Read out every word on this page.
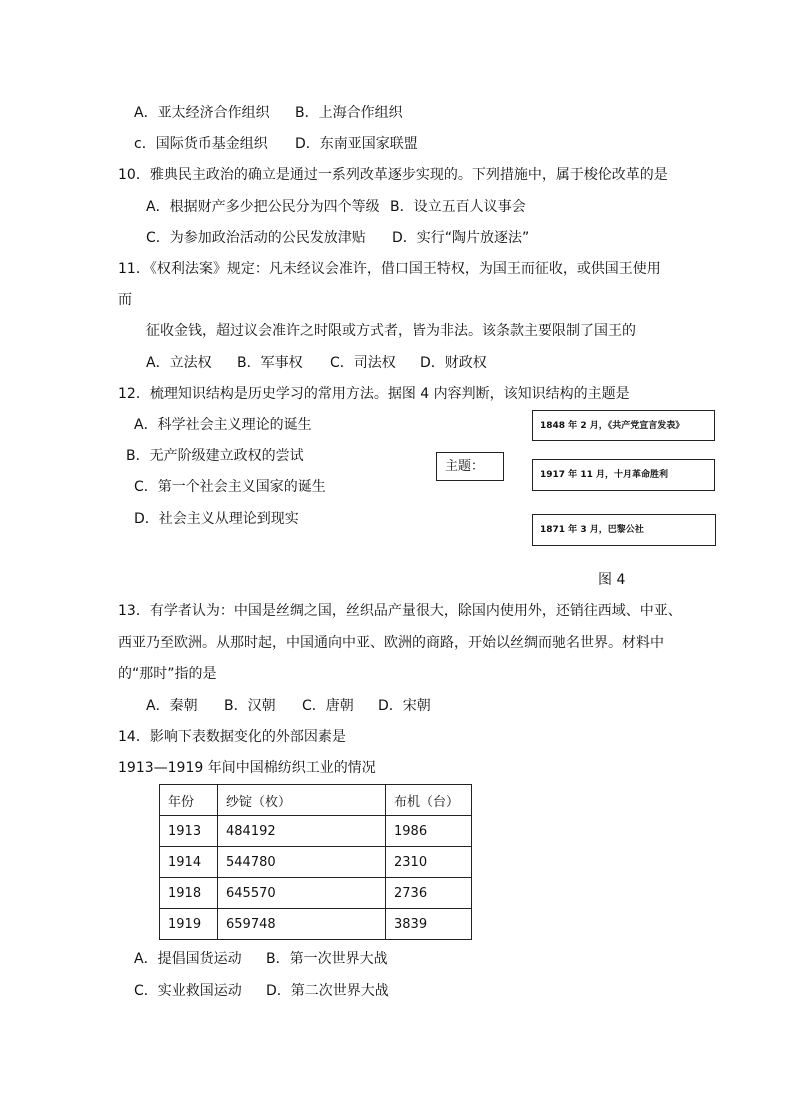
A．亚太经济合作组织 B．上海合作组织
c．国际货币基金组织 D．东南亚国家联盟
10．雅典民主政治的确立是通过一系列改革逐步实现的。下列措施中，属于梭伦改革的是
A．根据财产多少把公民分为四个等级 B．设立五百人议事会
C．为参加政治活动的公民发放津贴 D．实行“陶片放逐法”
11．《权利法案》规定：凡未经议会准许，借口国王特权，为国王而征收，或供国王使用
而
征收金钱，超过议会准许之时限或方式者，皆为非法。该条款主要限制了国王的
A．立法权 B．军事权 C．司法权 D．财政权
12．梳理知识结构是历史学习的常用方法。据图 4 内容判断，该知识结构的主题是
A．科学社会主义理论的诞生
B．无产阶级建立政权的尝试
C．第一个社会主义国家的诞生
D．社会主义从理论到现实
主题：
1848 年 2 月，《共产党宣言发表》
1917 年 11 月，十月革命胜利
1871 年 3 月，巴黎公社
图 4
13．有学者认为：中国是丝绸之国，丝织品产量很大，除国内使用外，还销往西域、中亚、
西亚乃至欧洲。从那时起，中国通向中亚、欧洲的商路，开始以丝绸而驰名世界。材料中
的“那时”指的是
A．秦朝 B．汉朝 C．唐朝 D．宋朝
14．影响下表数据变化的外部因素是
1913—1919 年间中国棉纺织工业的情况
年份	纱锭（枚）	布机（台）
1913	484192	1986
1914	544780	2310
1918	645570	2736
1919	659748	3839
A．提倡国货运动 B．第一次世界大战
C．实业救国运动 D．第二次世界大战
